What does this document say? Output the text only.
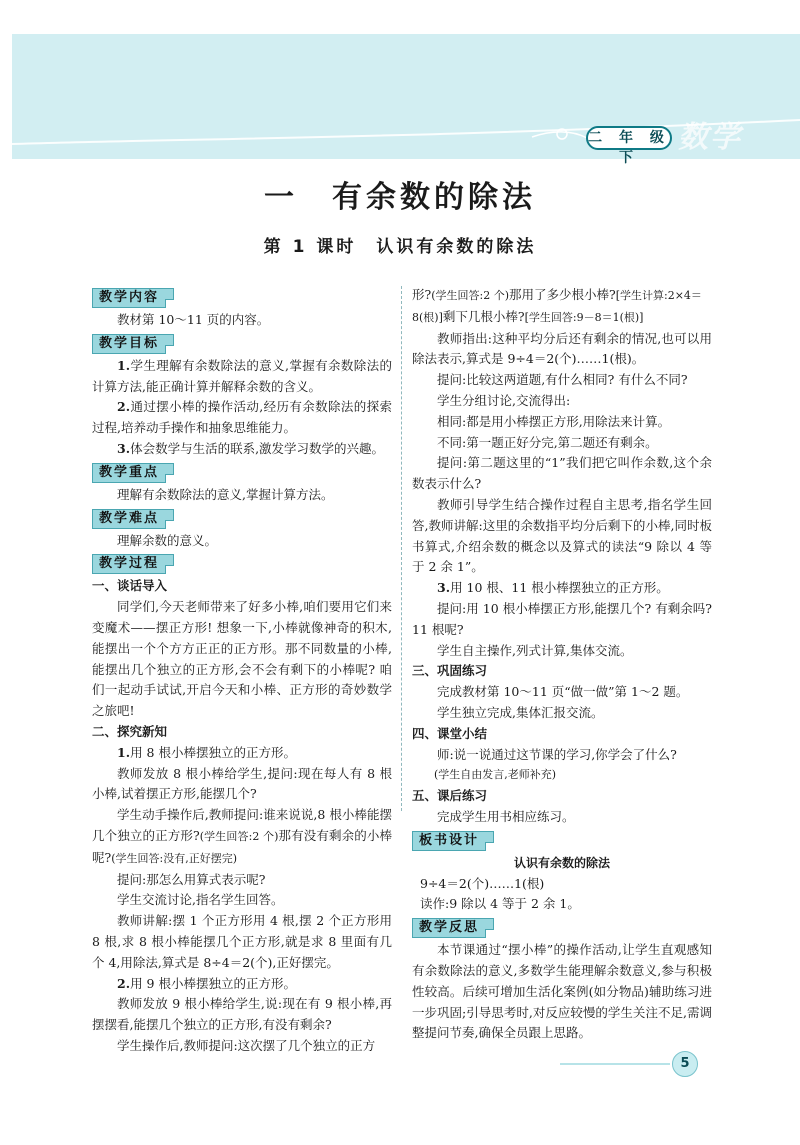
二 年 级 下
数学
一　有余数的除法
第 1 课时　认识有余数的除法
教学内容
教材第 10～11 页的内容。
教学目标
1.学生理解有余数除法的意义,掌握有余数除法的计算方法,能正确计算并解释余数的含义。
2.通过摆小棒的操作活动,经历有余数除法的探索过程,培养动手操作和抽象思维能力。
3.体会数学与生活的联系,激发学习数学的兴趣。
教学重点
理解有余数除法的意义,掌握计算方法。
教学难点
理解余数的意义。
教学过程
一、谈话导入
同学们,今天老师带来了好多小棒,咱们要用它们来变魔术——摆正方形! 想象一下,小棒就像神奇的积木,能摆出一个个方方正正的正方形。那不同数量的小棒,能摆出几个独立的正方形,会不会有剩下的小棒呢? 咱们一起动手试试,开启今天和小棒、正方形的奇妙数学之旅吧!
二、探究新知
1.用 8 根小棒摆独立的正方形。
教师发放 8 根小棒给学生,提问:现在每人有 8 根小棒,试着摆正方形,能摆几个?
学生动手操作后,教师提问:谁来说说,8 根小棒能摆几个独立的正方形?(学生回答:2 个)那有没有剩余的小棒呢?(学生回答:没有,正好摆完)
提问:那怎么用算式表示呢?
学生交流讨论,指名学生回答。
教师讲解:摆 1 个正方形用 4 根,摆 2 个正方形用 8 根,求 8 根小棒能摆几个正方形,就是求 8 里面有几个 4,用除法,算式是 8÷4＝2(个),正好摆完。
2.用 9 根小棒摆独立的正方形。
教师发放 9 根小棒给学生,说:现在有 9 根小棒,再摆摆看,能摆几个独立的正方形,有没有剩余?
学生操作后,教师提问:这次摆了几个独立的正方
形?(学生回答:2 个)那用了多少根小棒?[学生计算:2×4＝8(根)]剩下几根小棒?[学生回答:9－8＝1(根)]
教师指出:这种平均分后还有剩余的情况,也可以用除法表示,算式是 9÷4＝2(个)……1(根)。
提问:比较这两道题,有什么相同? 有什么不同?
学生分组讨论,交流得出:
相同:都是用小棒摆正方形,用除法来计算。
不同:第一题正好分完,第二题还有剩余。
提问:第二题这里的“1”我们把它叫作余数,这个余数表示什么?
教师引导学生结合操作过程自主思考,指名学生回答,教师讲解:这里的余数指平均分后剩下的小棒,同时板书算式,介绍余数的概念以及算式的读法“9 除以 4 等于 2 余 1”。
3.用 10 根、11 根小棒摆独立的正方形。
提问:用 10 根小棒摆正方形,能摆几个? 有剩余吗? 11 根呢?
学生自主操作,列式计算,集体交流。
三、巩固练习
完成教材第 10～11 页“做一做”第 1～2 题。
学生独立完成,集体汇报交流。
四、课堂小结
师:说一说通过这节课的学习,你学会了什么?
(学生自由发言,老师补充)
五、课后练习
完成学生用书相应练习。
板书设计
认识有余数的除法
9÷4＝2(个)……1(根)
读作:9 除以 4 等于 2 余 1。
教学反思
本节课通过“摆小棒”的操作活动,让学生直观感知有余数除法的意义,多数学生能理解余数意义,参与积极性较高。后续可增加生活化案例(如分物品)辅助练习进一步巩固;引导思考时,对反应较慢的学生关注不足,需调整提问节奏,确保全员跟上思路。
5
